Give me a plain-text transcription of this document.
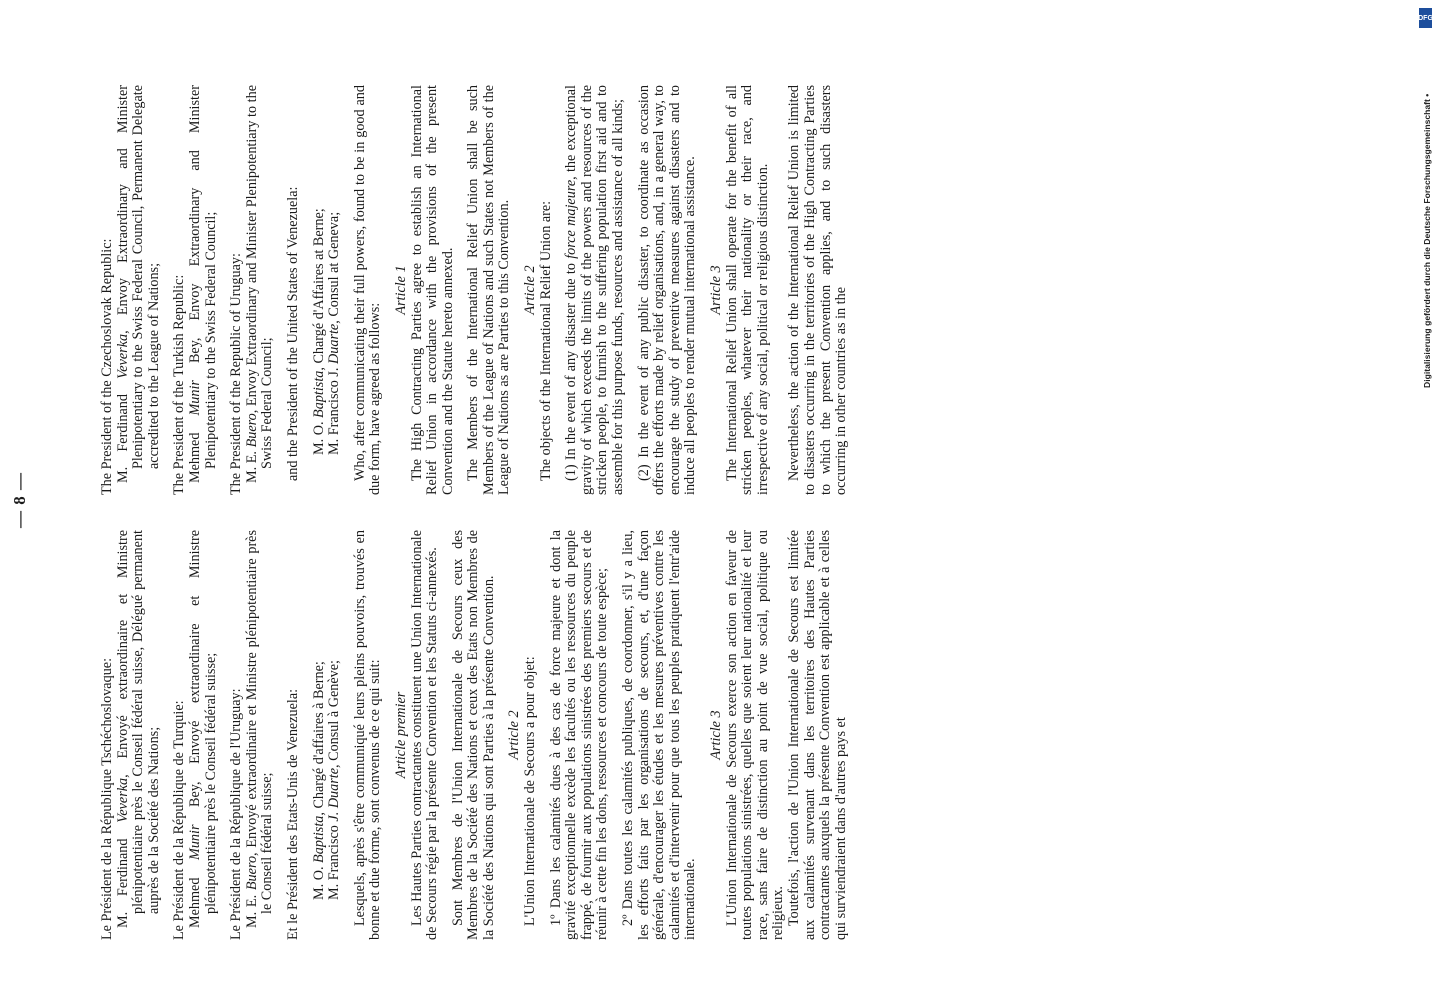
Digitalisierung gefördert durch die Deutsche Forschungsgemeinschaft •
DFG
— 8 —

Le Président de la République Tschéchoslovaque: M. Ferdinand Veverka, Envoyé extraordinaire et Ministre plénipotentiaire près le Conseil fédéral suisse, Délégué permanent auprès de la Société des Nations; Le Président de la République de Turquie: Mehmed Munir Bey, Envoyé extraordinaire et Ministre plénipotentiaire près le Conseil fédéral suisse; Le Président de la République de l'Uruguay: M. E. Buero, Envoyé extraordinaire et Ministre plénipotentiaire près le Conseil fédéral suisse; Et le Président des Etats-Unis de Venezuela: M. O. Baptista, Chargé d'affaires à Berne;

M. Francisco J. Duarte, Consul à Genève; Lesquels, après s'être communiqué leurs pleins pouvoirs, trouvés en bonne et due forme, sont convenus de ce qui suit: Article premier Les Hautes Parties contractantes constituent une Union Internationale de Secours régie par la présente Convention et les Statuts ci-annexés. Sont Membres de l'Union Internationale de Secours ceux des Membres de la Société des Nations et ceux des Etats non Membres de la Société des Nations qui sont Parties à la présente Convention. Article 2 L'Union Internationale de Secours a pour objet: 1º Dans les calamités dues à des cas de force majeure et dont la gravité exceptionnelle excède les facultés ou les ressources du peuple frappé, de fournir aux populations sinistrées des premiers secours et de réunir à cette fin les dons, ressources et concours de toute espèce; 2º Dans toutes les calamités publiques, de coordonner, s'il y a lieu, les efforts faits par les organisations de secours, et, d'une façon générale, d'encourager les études et les mesures préventives contre les calamités et d'intervenir pour que tous les peuples pratiquent l'entr'aide internationale.

Article 3 L'Union Internationale de Secours exerce son action en faveur de toutes populations sinistrées, quelles que soient leur nationalité et leur race, sans faire de distinction au point de vue social, politique ou religieux. Toutefois, l'action de l'Union Internationale de Secours est limitée aux calamités survenant dans les territoires des Hautes Parties contractantes auxquels la présente Convention est applicable et à celles qui surviendraient dans d'autres pays et

The President of the Czechoslovak Republic: M. Ferdinand Veverka, Envoy Extraordinary and Minister Plenipotentiary to the Swiss Federal Council, Permanent Delegate accredited to the League of Nations; The President of the Turkish Republic: Mehmed Munir Bey, Envoy Extraordinary and Minister Plenipotentiary to the Swiss Federal Council; The President of the Republic of Uruguay: M. E. Buero, Envoy Extraordinary and Minister Plenipotentiary to the Swiss Federal Council; and the President of the United States of Venezuela: M. O. Baptista, Chargé d'Affaires at Berne;

M. Francisco J. Duarte, Consul at Geneva; Who, after communicating their full powers, found to be in good and due form, have agreed as follows:

Article 1 The High Contracting Parties agree to establish an International Relief Union in accordance with the provisions of the present Convention and the Statute hereto annexed. The Members of the International Relief Union shall be such Members of the League of Nations and such States not Members of the League of Nations as are Parties to this Convention. Article 2 The objects of the International Relief Union are: (1) In the event of any disaster due to force majeure, the exceptional gravity of which exceeds the limits of the powers and resources of the stricken people, to furnish to the suffering population first aid and to assemble for this purpose funds, resources and assistance of all kinds; (2) In the event of any public disaster, to coordinate as occasion offers the efforts made by relief organisations, and, in a general way, to encourage the study of preventive measures against disasters and to induce all peoples to render mutual international assistance. Article 3 The International Relief Union shall operate for the benefit of all stricken peoples, whatever their nationality or their race, and irrespective of any social, political or religious distinction. Nevertheless, the action of the International Relief Union is limited to disasters occurring in the territories of the High Contracting Parties to which the present Convention applies, and to such disasters occurring in other countries as in the
